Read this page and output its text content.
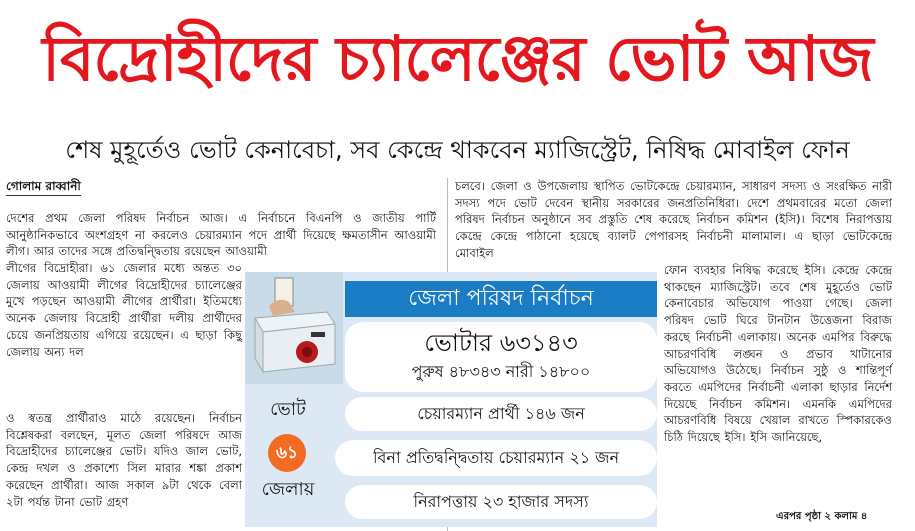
বিদ্রোহীদের চ্যালেঞ্জের ভোট আজ
শেষ মুহূর্তেও ভোট কেনাবেচা, সব কেন্দ্রে থাকবেন ম্যাজিস্ট্রেট, নিষিদ্ধ মোবাইল ফোন
গোলাম রাব্বানী
দেশের প্রথম জেলা পরিষদ নির্বাচন আজ। এ নির্বাচনে বিএনপি ও জাতীয় পার্টি আনুষ্ঠানিকভাবে অংশগ্রহণ না করলেও চেয়ারম্যান পদে প্রার্থী দিয়েছে ক্ষমতাসীন আওয়ামী লীগ। আর তাদের সঙ্গে প্রতিদ্বন্দ্বিতায় রয়েছেন আওয়ামী
লীগের বিদ্রোহীরা। ৬১ জেলার মধ্যে অন্তত ৩০ জেলায় আওয়ামী লীগের বিদ্রোহীদের চ্যালেঞ্জের মুখে পড়ছেন আওয়ামী লীগের প্রার্থীরা। ইতিমধ্যে অনেক জেলায় বিদ্রোহী প্রার্থীরা দলীয় প্রার্থীদের চেয়ে জনপ্রিয়তায় এগিয়ে রয়েছেন। এ ছাড়া কিছু জেলায় অন্য দল
ও স্বতন্ত্র প্রার্থীরাও মাঠে রয়েছেন। নির্বাচন বিশ্লেষকরা বলছেন, মূলত জেলা পরিষদে আজ বিদ্রোহীদের চ্যালেঞ্জের ভোট। যদিও জাল ভোট, কেন্দ্র দখল ও প্রকাশ্যে সিল মারার শঙ্কা প্রকাশ করেছেন প্রার্থীরা। আজ সকাল ৯টা থেকে বেলা ২টা পর্যন্ত টানা ভোট গ্রহণ
চলবে। জেলা ও উপজেলায় স্থাপিত ভোটকেন্দ্রে চেয়ারম্যান, সাধারণ সদস্য ও সংরক্ষিত নারী সদস্য পদে ভোট দেবেন স্থানীয় সরকারের জনপ্রতিনিধিরা। দেশে প্রথমবারের মতো জেলা পরিষদ নির্বাচন অনুষ্ঠানে সব প্রস্তুতি শেষ করেছে নির্বাচন কমিশন (ইসি)। বিশেষ নিরাপত্তায় কেন্দ্রে কেন্দ্রে পাঠানো হয়েছে ব্যালট পেপারসহ নির্বাচনী মালামাল। এ ছাড়া ভোটকেন্দ্রে মোবাইল
ফোন ব্যবহার নিষিদ্ধ করেছে ইসি। কেন্দ্রে কেন্দ্রে থাকছেন ম্যাজিস্ট্রেট। তবে শেষ মুহূর্তেও ভোট কেনাবেচার অভিযোগ পাওয়া গেছে। জেলা পরিষদ ভোট ঘিরে টানটান উত্তেজনা বিরাজ করছে নির্বাচনী এলাকায়। অনেক এমপির বিরুদ্ধে আচরণবিধি লঙ্ঘন ও প্রভাব খাটানোর অভিযোগও উঠেছে। নির্বাচন সুষ্ঠু ও শান্তিপূর্ণ করতে এমপিদের নির্বাচনী এলাকা ছাড়ার নির্দেশ দিয়েছে নির্বাচন কমিশন। এমনকি এমপিদের আচরণবিধি বিষয়ে খেয়াল রাখতে স্পিকারকেও চিঠি দিয়েছে ইসি। ইসি জানিয়েছে,
এরপর পৃষ্ঠা ২ কলাম ৪
জেলা পরিষদ নির্বাচন
ভোটার ৬৩১৪৩
পুরুষ ৪৮৩৪৩ নারী ১৪৮০০
চেয়ারম্যান প্রার্থী ১৪৬ জন
বিনা প্রতিদ্বন্দ্বিতায় চেয়ারম্যান ২১ জন
নিরাপত্তায় ২৩ হাজার সদস্য
ভোট
৬১
জেলায়
